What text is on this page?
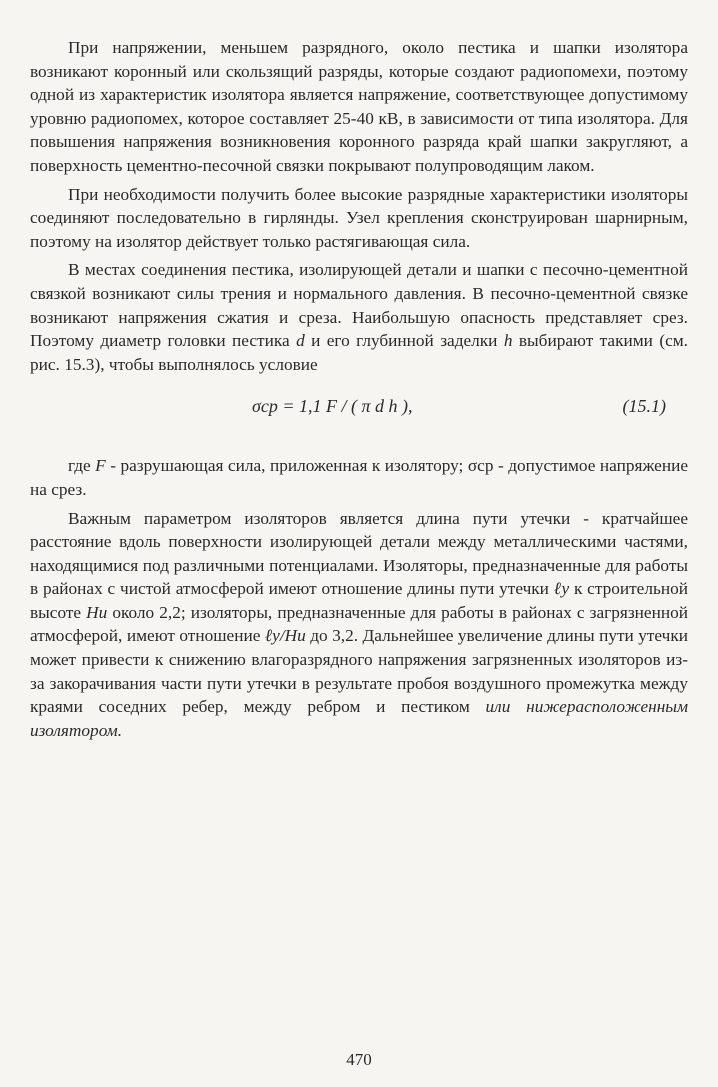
При напряжении, меньшем разрядного, около пестика и шапки изолятора возникают коронный или скользящий разряды, которые создают радиопомехи, поэтому одной из характеристик изолятора является напряжение, соответствующее допустимому уровню радиопомех, которое составляет 25-40 кВ, в зависимости от типа изолятора. Для повышения напряжения возникновения коронного разряда край шапки закругляют, а поверхность цементно-песочной связки покрывают полупроводящим лаком.

При необходимости получить более высокие разрядные характеристики изоляторы соединяют последовательно в гирлянды. Узел крепления сконструирован шарнирным, поэтому на изолятор действует только растягивающая сила.

В местах соединения пестика, изолирующей детали и шапки с песочно-цементной связкой возникают силы трения и нормального давления. В песочно-цементной связке возникают напряжения сжатия и среза. Наибольшую опасность представляет срез. Поэтому диаметр головки пестика d и его глубинной заделки h выбирают такими (см. рис. 15.3), чтобы выполнялось условие

σср = 1,1 F / ( π d h ),	(15.1)

где F - разрушающая сила, приложенная к изолятору; σср - допустимое напряжение на срез.

Важным параметром изоляторов является длина пути утечки - кратчайшее расстояние вдоль поверхности изолирующей детали между металлическими частями, находящимися под различными потенциалами. Изоляторы, предназначенные для работы в районах с чистой атмосферой имеют отношение длины пути утечки ℓу к строительной высоте Hи около 2,2; изоляторы, предназначенные для работы в районах с загрязненной атмосферой, имеют отношение ℓу/Hи до 3,2. Дальнейшее увеличение длины пути утечки может привести к снижению влагоразрядного напряжения загрязненных изоляторов из-за закорачивания части пути утечки в результате пробоя воздушного промежутка между краями соседних ребер, между ребром и пестиком или нижерасположенным изолятором.

470
